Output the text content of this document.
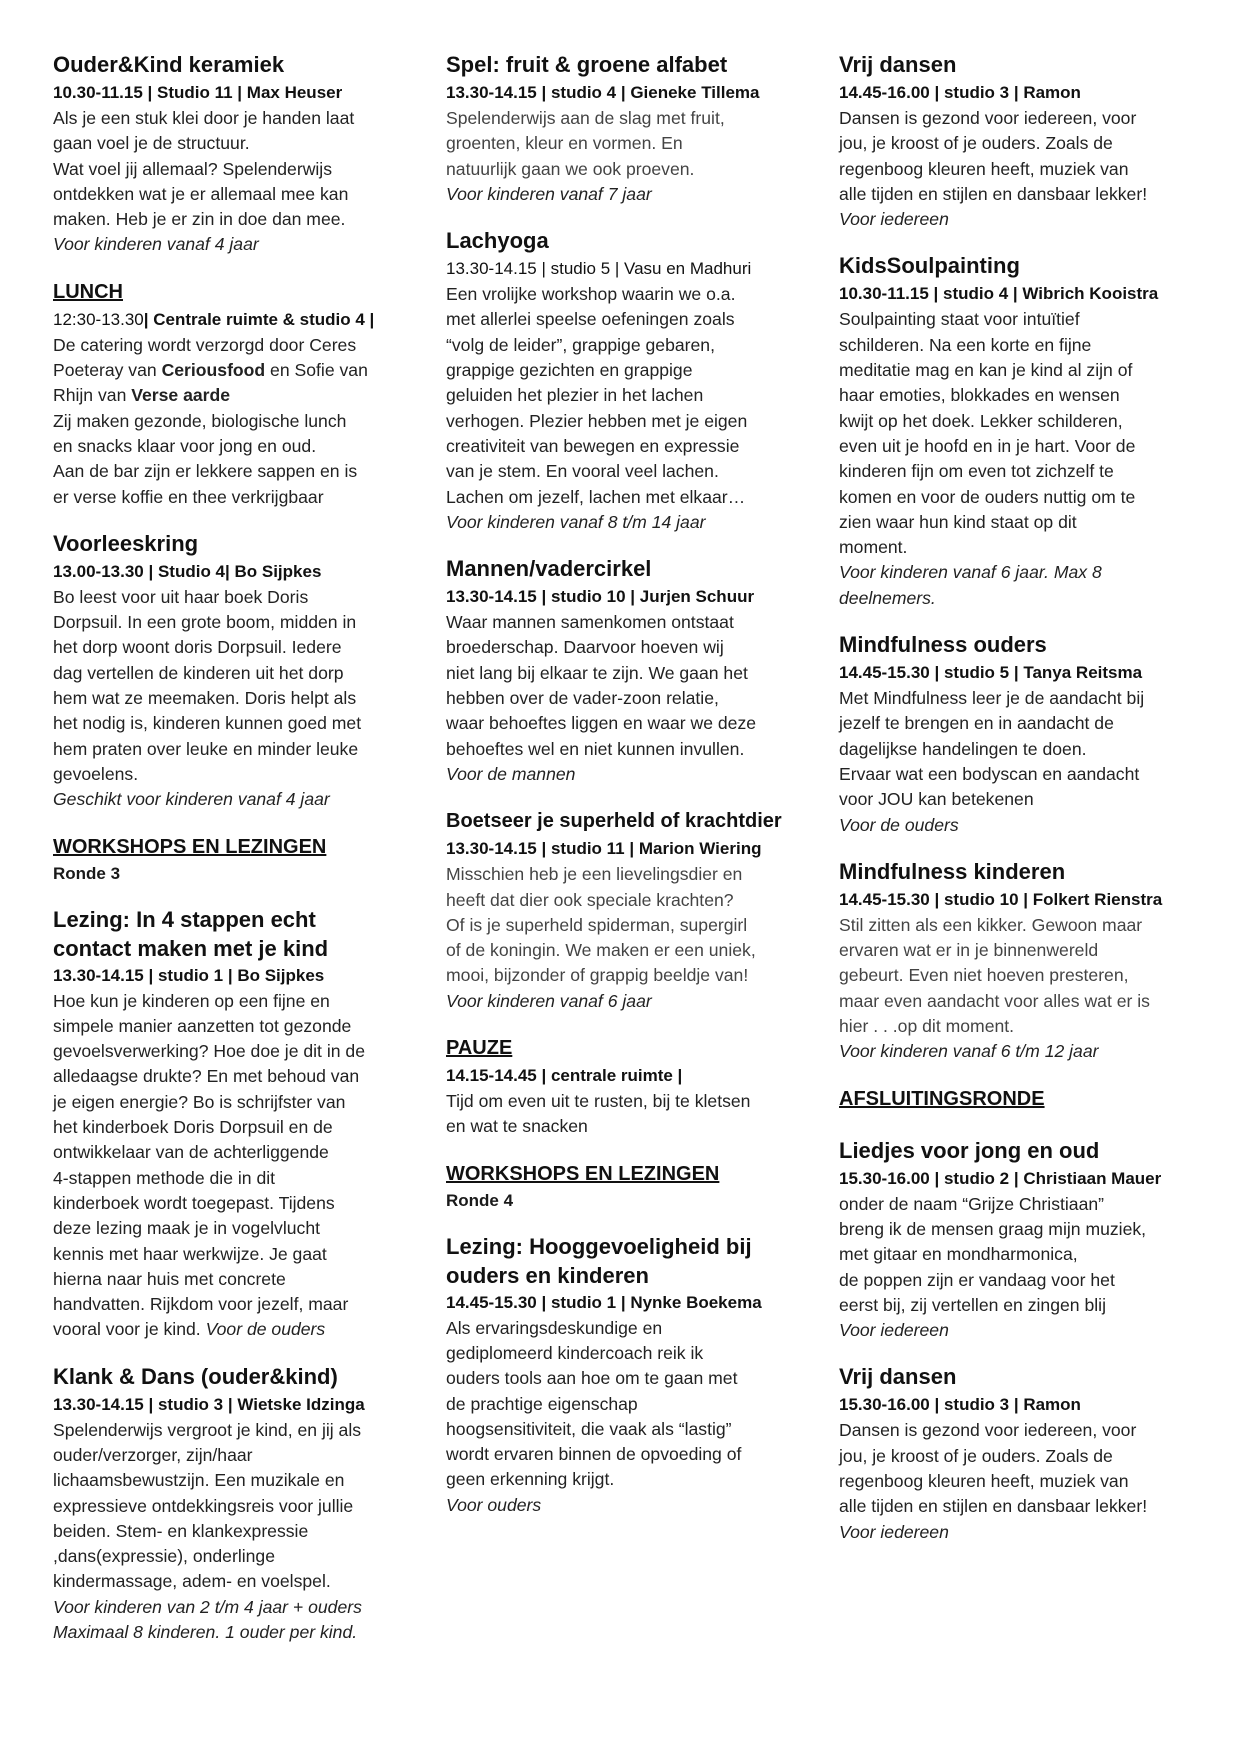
Ouder&Kind keramiek
10.30-11.15 | Studio 11 | Max Heuser
Als je een stuk klei door je handen laat
gaan voel je de structuur.
Wat voel jij allemaal? Spelenderwijs
ontdekken wat je er allemaal mee kan
maken. Heb je er zin in doe dan mee.
Voor kinderen vanaf 4 jaar
LUNCH
12:30-13.30| Centrale ruimte & studio 4 |
De catering wordt verzorgd door Ceres
Poeteray van Ceriousfood en Sofie van
Rhijn van Verse aarde
Zij maken gezonde, biologische lunch
en snacks klaar voor jong en oud.
Aan de bar zijn er lekkere sappen en is
er verse koffie en thee verkrijgbaar
Voorleeskring
13.00-13.30 | Studio 4| Bo Sijpkes
Bo leest voor uit haar boek Doris
Dorpsuil. In een grote boom, midden in
het dorp woont doris Dorpsuil. Iedere
dag vertellen de kinderen uit het dorp
hem wat ze meemaken. Doris helpt als
het nodig is, kinderen kunnen goed met
hem praten over leuke en minder leuke
gevoelens.
Geschikt voor kinderen vanaf 4 jaar
WORKSHOPS EN LEZINGEN
Ronde 3
Lezing: In 4 stappen echt
contact maken met je kind
13.30-14.15 | studio 1 | Bo Sijpkes
Hoe kun je kinderen op een fijne en
simpele manier aanzetten tot gezonde
gevoelsverwerking? Hoe doe je dit in de
alledaagse drukte? En met behoud van
je eigen energie? Bo is schrijfster van
het kinderboek Doris Dorpsuil en de
ontwikkelaar van de achterliggende
4-stappen methode die in dit
kinderboek wordt toegepast. Tijdens
deze lezing maak je in vogelvlucht
kennis met haar werkwijze. Je gaat
hierna naar huis met concrete
handvatten. Rijkdom voor jezelf, maar
vooral voor je kind. Voor de ouders
Klank & Dans (ouder&kind)
13.30-14.15 | studio 3 | Wietske Idzinga
Spelenderwijs vergroot je kind, en jij als
ouder/verzorger, zijn/haar
lichaamsbewustzijn. Een muzikale en
expressieve ontdekkingsreis voor jullie
beiden. Stem- en klankexpressie
,dans(expressie), onderlinge
kindermassage, adem- en voelspel.
Voor kinderen van 2 t/m 4 jaar + ouders
Maximaal 8 kinderen. 1 ouder per kind.
Spel: fruit & groene alfabet
13.30-14.15 | studio 4 | Gieneke Tillema
Spelenderwijs aan de slag met fruit,
groenten, kleur en vormen. En
natuurlijk gaan we ook proeven.
Voor kinderen vanaf 7 jaar
Lachyoga
13.30-14.15 | studio 5 | Vasu en Madhuri
Een vrolijke workshop waarin we o.a.
met allerlei speelse oefeningen zoals
“volg de leider”, grappige gebaren,
grappige gezichten en grappige
geluiden het plezier in het lachen
verhogen. Plezier hebben met je eigen
creativiteit van bewegen en expressie
van je stem. En vooral veel lachen.
Lachen om jezelf, lachen met elkaar…
Voor kinderen vanaf 8 t/m 14 jaar
Mannen/vadercirkel
13.30-14.15 | studio 10 | Jurjen Schuur
Waar mannen samenkomen ontstaat
broederschap. Daarvoor hoeven wij
niet lang bij elkaar te zijn. We gaan het
hebben over de vader-zoon relatie,
waar behoeftes liggen en waar we deze
behoeftes wel en niet kunnen invullen.
Voor de mannen
Boetseer je superheld of krachtdier
13.30-14.15 | studio 11 | Marion Wiering
Misschien heb je een lievelingsdier en
heeft dat dier ook speciale krachten?
Of is je superheld spiderman, supergirl
of de koningin. We maken er een uniek,
mooi, bijzonder of grappig beeldje van!
Voor kinderen vanaf 6 jaar
PAUZE
14.15-14.45 | centrale ruimte |
Tijd om even uit te rusten, bij te kletsen
en wat te snacken
WORKSHOPS EN LEZINGEN
Ronde 4
Lezing: Hooggevoeligheid bij
ouders en kinderen
14.45-15.30 | studio 1 | Nynke Boekema
Als ervaringsdeskundige en
gediplomeerd kindercoach reik ik
ouders tools aan hoe om te gaan met
de prachtige eigenschap
hoogsensitiviteit, die vaak als “lastig”
wordt ervaren binnen de opvoeding of
geen erkenning krijgt.
Voor ouders
Vrij dansen
14.45-16.00 | studio 3 | Ramon
Dansen is gezond voor iedereen, voor
jou, je kroost of je ouders. Zoals de
regenboog kleuren heeft, muziek van
alle tijden en stijlen en dansbaar lekker!
Voor iedereen
KidsSoulpainting
10.30-11.15 | studio 4 | Wibrich Kooistra
Soulpainting staat voor intuïtief
schilderen. Na een korte en fijne
meditatie mag en kan je kind al zijn of
haar emoties, blokkades en wensen
kwijt op het doek. Lekker schilderen,
even uit je hoofd en in je hart. Voor de
kinderen fijn om even tot zichzelf te
komen en voor de ouders nuttig om te
zien waar hun kind staat op dit
moment.
Voor kinderen vanaf 6 jaar. Max 8
deelnemers.
Mindfulness ouders
14.45-15.30 | studio 5 | Tanya Reitsma
Met Mindfulness leer je de aandacht bij
jezelf te brengen en in aandacht de
dagelijkse handelingen te doen.
Ervaar wat een bodyscan en aandacht
voor JOU kan betekenen
Voor de ouders
Mindfulness kinderen
14.45-15.30 | studio 10 | Folkert Rienstra
Stil zitten als een kikker. Gewoon maar
ervaren wat er in je binnenwereld
gebeurt. Even niet hoeven presteren,
maar even aandacht voor alles wat er is
hier . . .op dit moment.
Voor kinderen vanaf 6 t/m 12 jaar
AFSLUITINGSRONDE
Liedjes voor jong en oud
15.30-16.00 | studio 2 | Christiaan Mauer
onder de naam “Grijze Christiaan”
breng ik de mensen graag mijn muziek,
met gitaar en mondharmonica,
de poppen zijn er vandaag voor het
eerst bij, zij vertellen en zingen blij
Voor iedereen
Vrij dansen
15.30-16.00 | studio 3 | Ramon
Dansen is gezond voor iedereen, voor
jou, je kroost of je ouders. Zoals de
regenboog kleuren heeft, muziek van
alle tijden en stijlen en dansbaar lekker!
Voor iedereen
